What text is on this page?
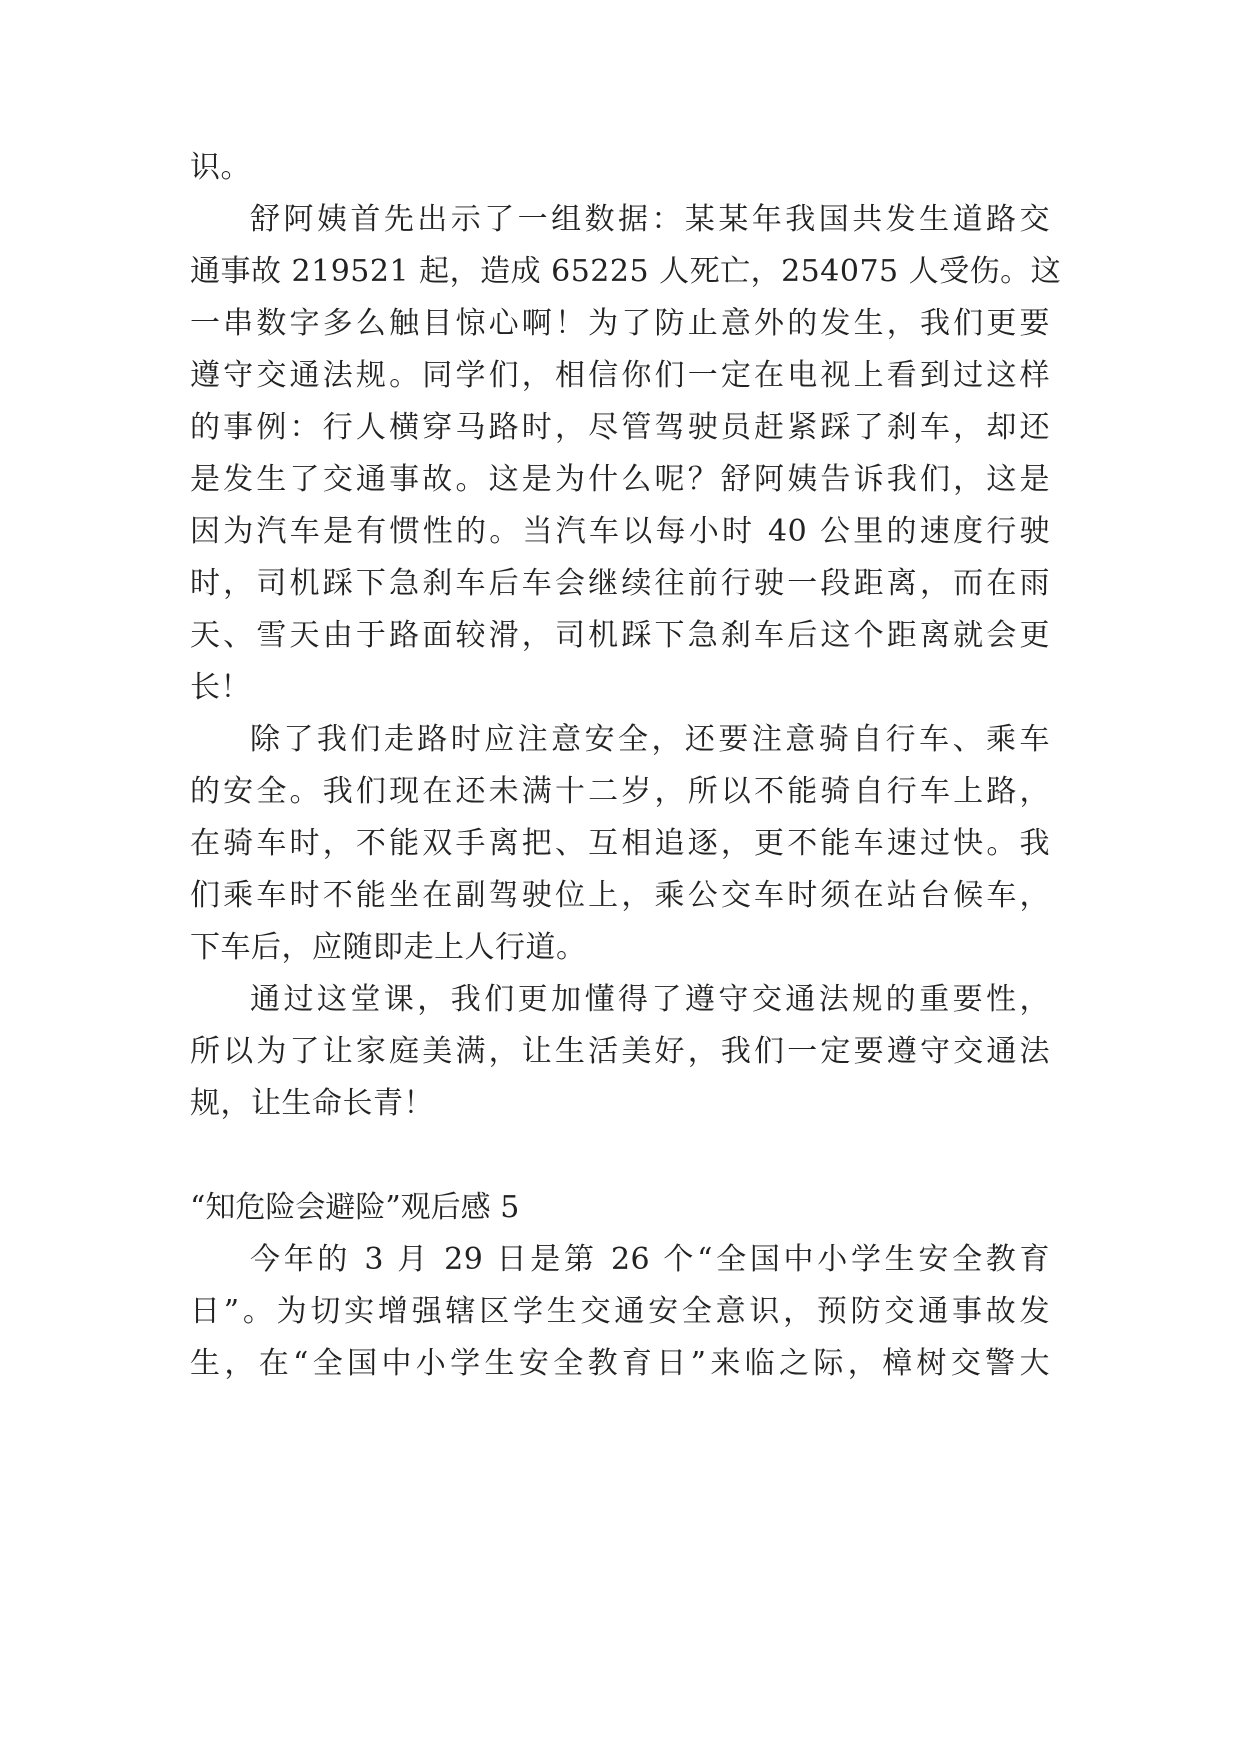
识。
舒阿姨首先出示了一组数据：某某年我国共发生道路交
通事故 219521 起，造成 65225 人死亡，254075 人受伤。这
一串数字多么触目惊心啊！为了防止意外的发生，我们更要
遵守交通法规。同学们，相信你们一定在电视上看到过这样
的事例：行人横穿马路时，尽管驾驶员赶紧踩了刹车，却还
是发生了交通事故。这是为什么呢？舒阿姨告诉我们，这是
因为汽车是有惯性的。当汽车以每小时 40 公里的速度行驶
时，司机踩下急刹车后车会继续往前行驶一段距离，而在雨
天、雪天由于路面较滑，司机踩下急刹车后这个距离就会更
长！
除了我们走路时应注意安全，还要注意骑自行车、乘车
的安全。我们现在还未满十二岁，所以不能骑自行车上路，
在骑车时，不能双手离把、互相追逐，更不能车速过快。我
们乘车时不能坐在副驾驶位上，乘公交车时须在站台候车，
下车后，应随即走上人行道。
通过这堂课，我们更加懂得了遵守交通法规的重要性，
所以为了让家庭美满，让生活美好，我们一定要遵守交通法
规，让生命长青！
“知危险会避险”观后感 5
今年的 3 月 29 日是第 26 个“全国中小学生安全教育
日”。为切实增强辖区学生交通安全意识，预防交通事故发
生，在“全国中小学生安全教育日”来临之际，樟树交警大
